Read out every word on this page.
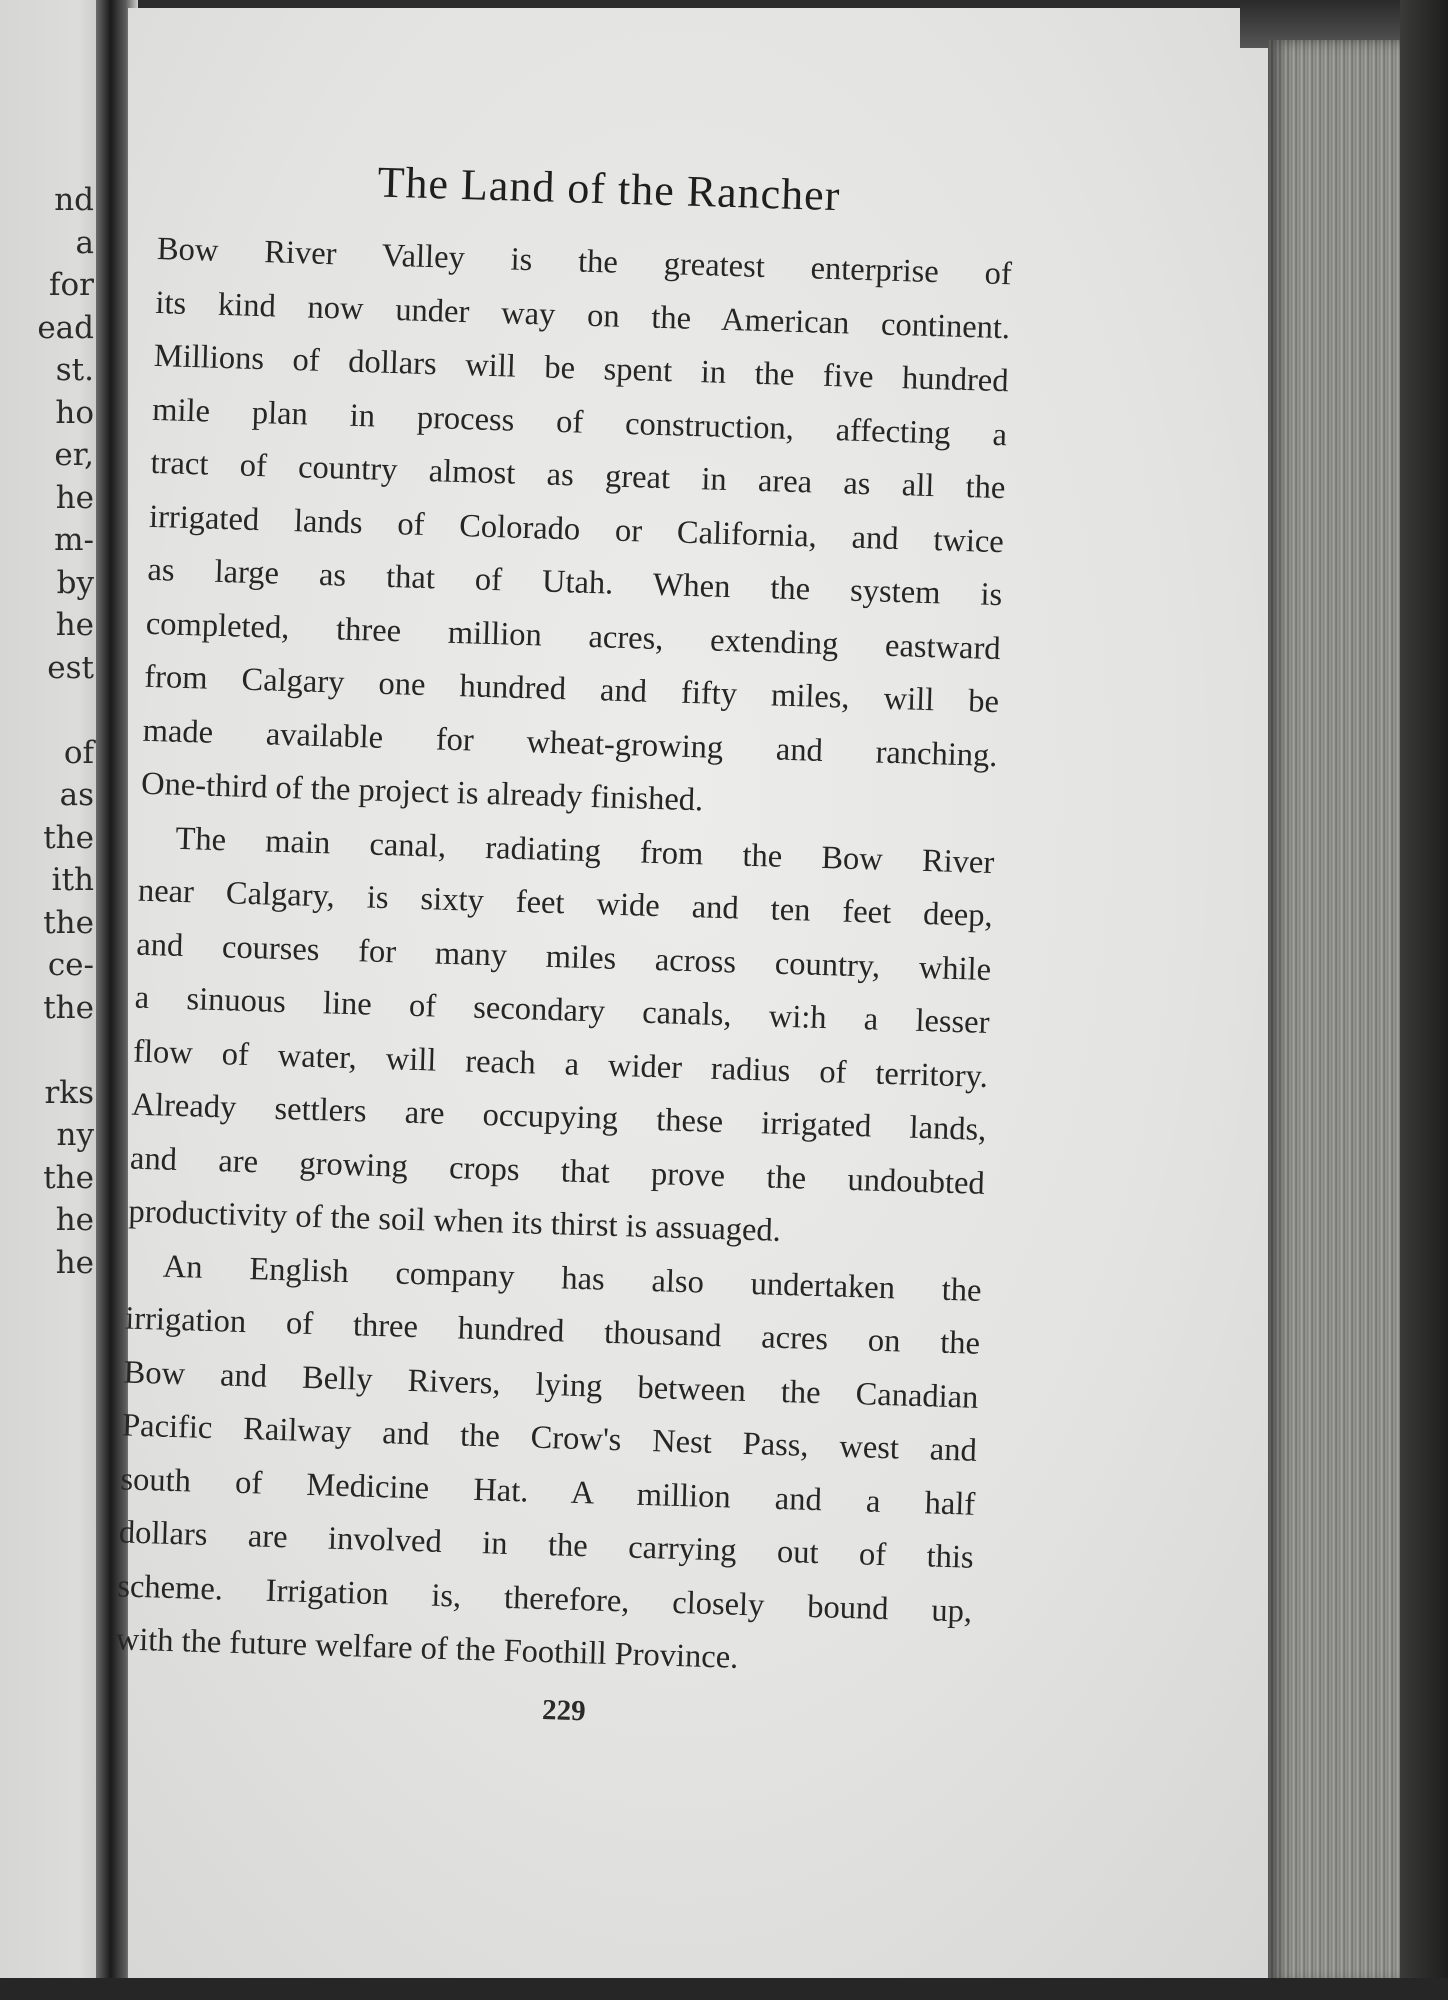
nd
a
for
ead
st.
ho
er,
he
m-
by
he
est
of
as
the
ith
the
ce-
the
rks
ny
the
he
he
The Land of the Rancher
Bow River Valley is the greatest enterprise of
its kind now under way on the American continent.
Millions of dollars will be spent in the five hundred
mile plan in process of construction, affecting a
tract of country almost as great in area as all the
irrigated lands of Colorado or California, and twice
as large as that of Utah. When the system is
completed, three million acres, extending eastward
from Calgary one hundred and fifty miles, will be
made available for wheat-growing and ranching.
One-third of the project is already finished.
The main canal, radiating from the Bow River
near Calgary, is sixty feet wide and ten feet deep,
and courses for many miles across country, while
a sinuous line of secondary canals, wi:h a lesser
flow of water, will reach a wider radius of territory.
Already settlers are occupying these irrigated lands,
and are growing crops that prove the undoubted
productivity of the soil when its thirst is assuaged.
An English company has also undertaken the
irrigation of three hundred thousand acres on the
Bow and Belly Rivers, lying between the Canadian
Pacific Railway and the Crow's Nest Pass, west and
south of Medicine Hat. A million and a half
dollars are involved in the carrying out of this
scheme. Irrigation is, therefore, closely bound up,
with the future welfare of the Foothill Province.
229
